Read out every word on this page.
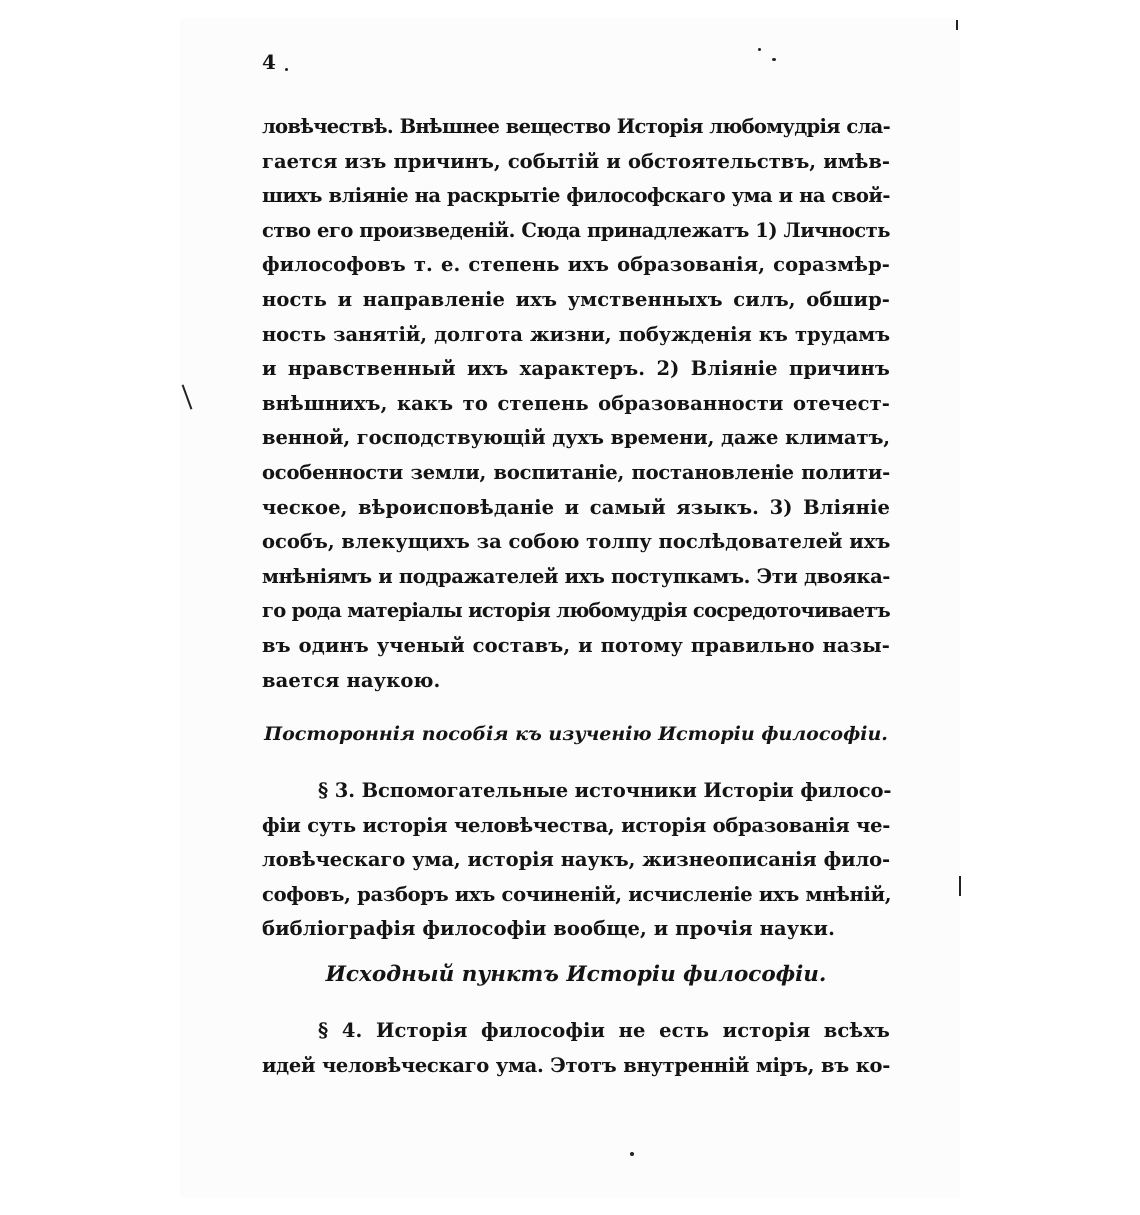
4

ловѣчествѣ. Внѣшнее вещество Исторія любомудрія сла-
гается изъ причинъ, событій и обстоятельствъ, имѣв-
шихъ вліяніе на раскрытіе философскаго ума и на свой-
ство его произведеній. Сюда принадлежатъ 1) Личность
философовъ т. е. степень ихъ образованія, соразмѣр-
ность и направленіе ихъ умственныхъ силъ, обшир-
ность занятій, долгота жизни, побужденія къ трудамъ
и нравственный ихъ характеръ. 2) Вліяніе причинъ
внѣшнихъ, какъ то степень образованности отечест-
венной, господствующій духъ времени, даже климатъ,
особенности земли, воспитаніе, постановленіе полити-
ческое, вѣроисповѣданіе и самый языкъ. 3) Вліяніе
особъ, влекущихъ за собою толпу послѣдователей ихъ
мнѣніямъ и подражателей ихъ поступкамъ. Эти двояка-
го рода матеріалы исторія любомудрія сосредоточиваетъ
въ одинъ ученый составъ, и потому правильно назы-
вается наукою.
Постороннія пособія къ изученію Исторіи философіи.
§ 3. Вспомогательные источники Исторіи филосо-
фіи суть исторія человѣчества, исторія образованія че-
ловѣческаго ума, исторія наукъ, жизнеописанія фило-
софовъ, разборъ ихъ сочиненій, исчисленіе ихъ мнѣній,
библіографія философіи вообще, и прочія науки.
Исходный пунктъ Исторіи философіи.
§ 4. Исторія философіи не есть исторія всѣхъ
идей человѣческаго ума. Этотъ внутренній міръ, въ ко-
